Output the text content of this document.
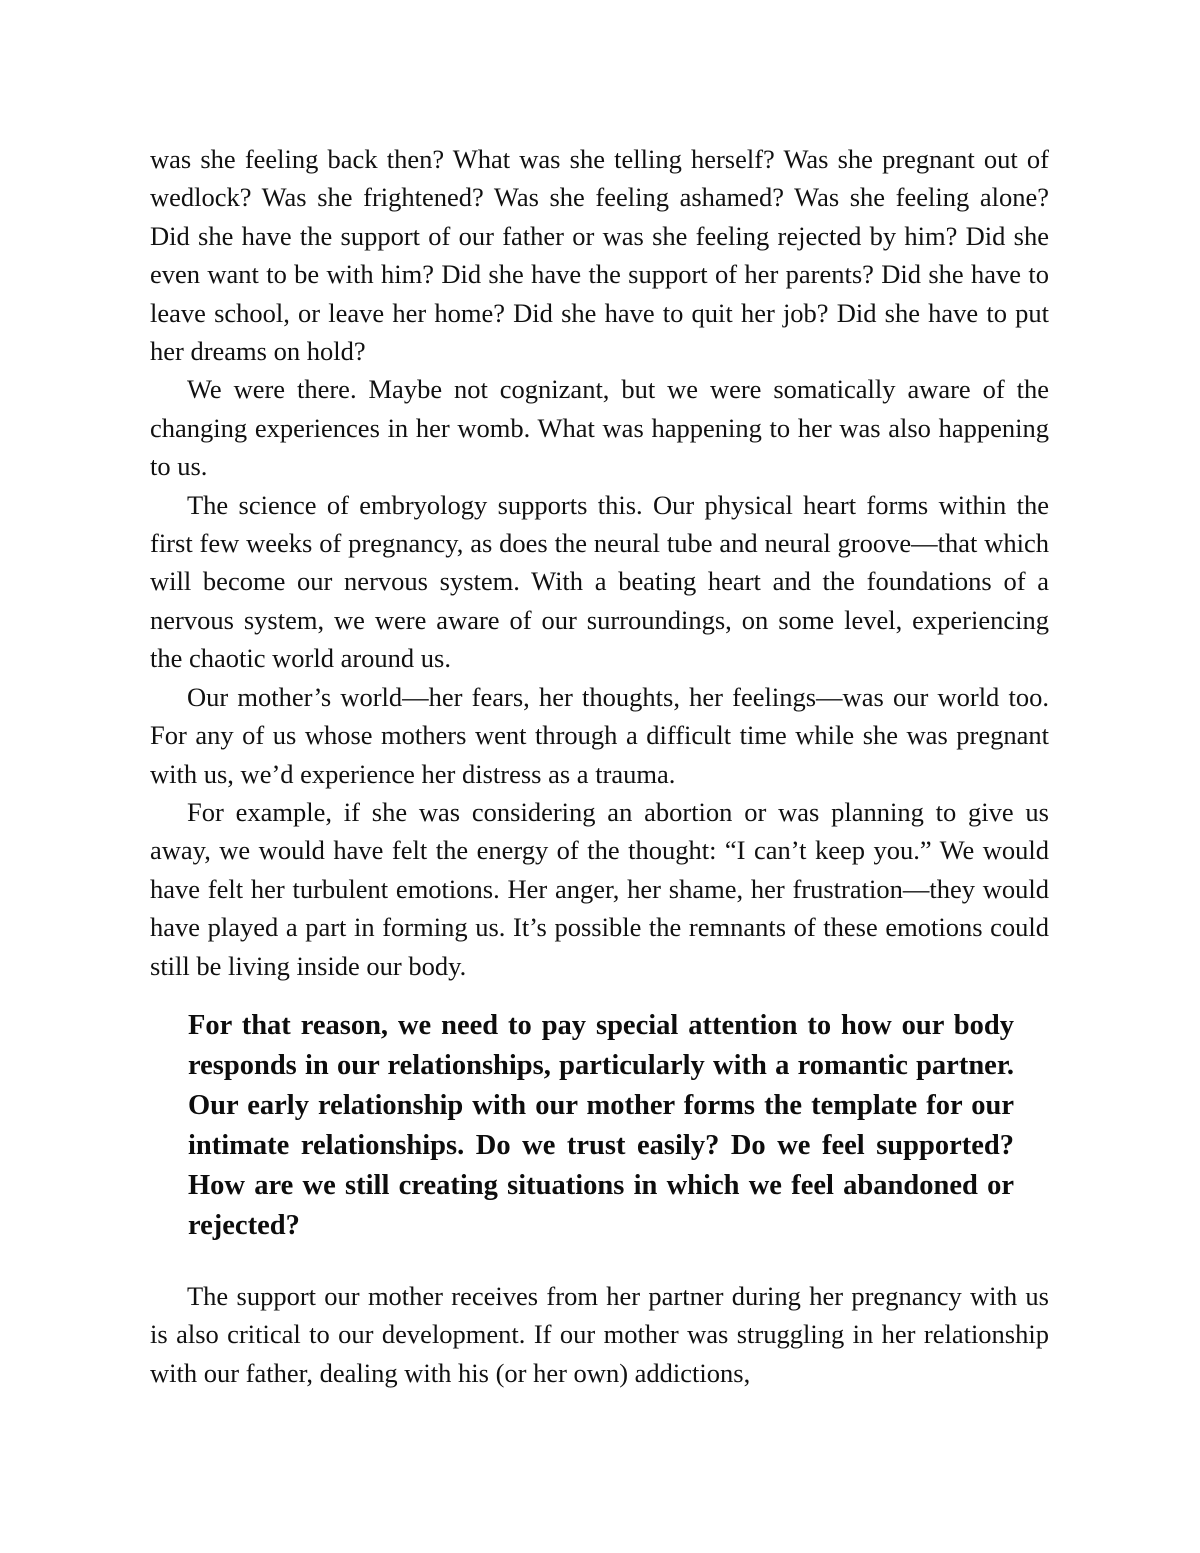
was she feeling back then? What was she telling herself? Was she pregnant out of wedlock? Was she frightened? Was she feeling ashamed? Was she feeling alone? Did she have the support of our father or was she feeling rejected by him? Did she even want to be with him? Did she have the support of her parents? Did she have to leave school, or leave her home? Did she have to quit her job? Did she have to put her dreams on hold?

We were there. Maybe not cognizant, but we were somatically aware of the changing experiences in her womb. What was happening to her was also happening to us.

The science of embryology supports this. Our physical heart forms within the first few weeks of pregnancy, as does the neural tube and neural groove—that which will become our nervous system. With a beating heart and the foundations of a nervous system, we were aware of our surroundings, on some level, experiencing the chaotic world around us.

Our mother’s world—her fears, her thoughts, her feelings—was our world too. For any of us whose mothers went through a difficult time while she was pregnant with us, we’d experience her distress as a trauma.

For example, if she was considering an abortion or was planning to give us away, we would have felt the energy of the thought: “I can’t keep you.” We would have felt her turbulent emotions. Her anger, her shame, her frustration—they would have played a part in forming us. It’s possible the remnants of these emotions could still be living inside our body.

For that reason, we need to pay special attention to how our body responds in our relationships, particularly with a romantic partner. Our early relationship with our mother forms the template for our intimate relationships. Do we trust easily? Do we feel supported? How are we still creating situations in which we feel abandoned or rejected?

The support our mother receives from her partner during her pregnancy with us is also critical to our development. If our mother was struggling in her relationship with our father, dealing with his (or her own) addictions,
